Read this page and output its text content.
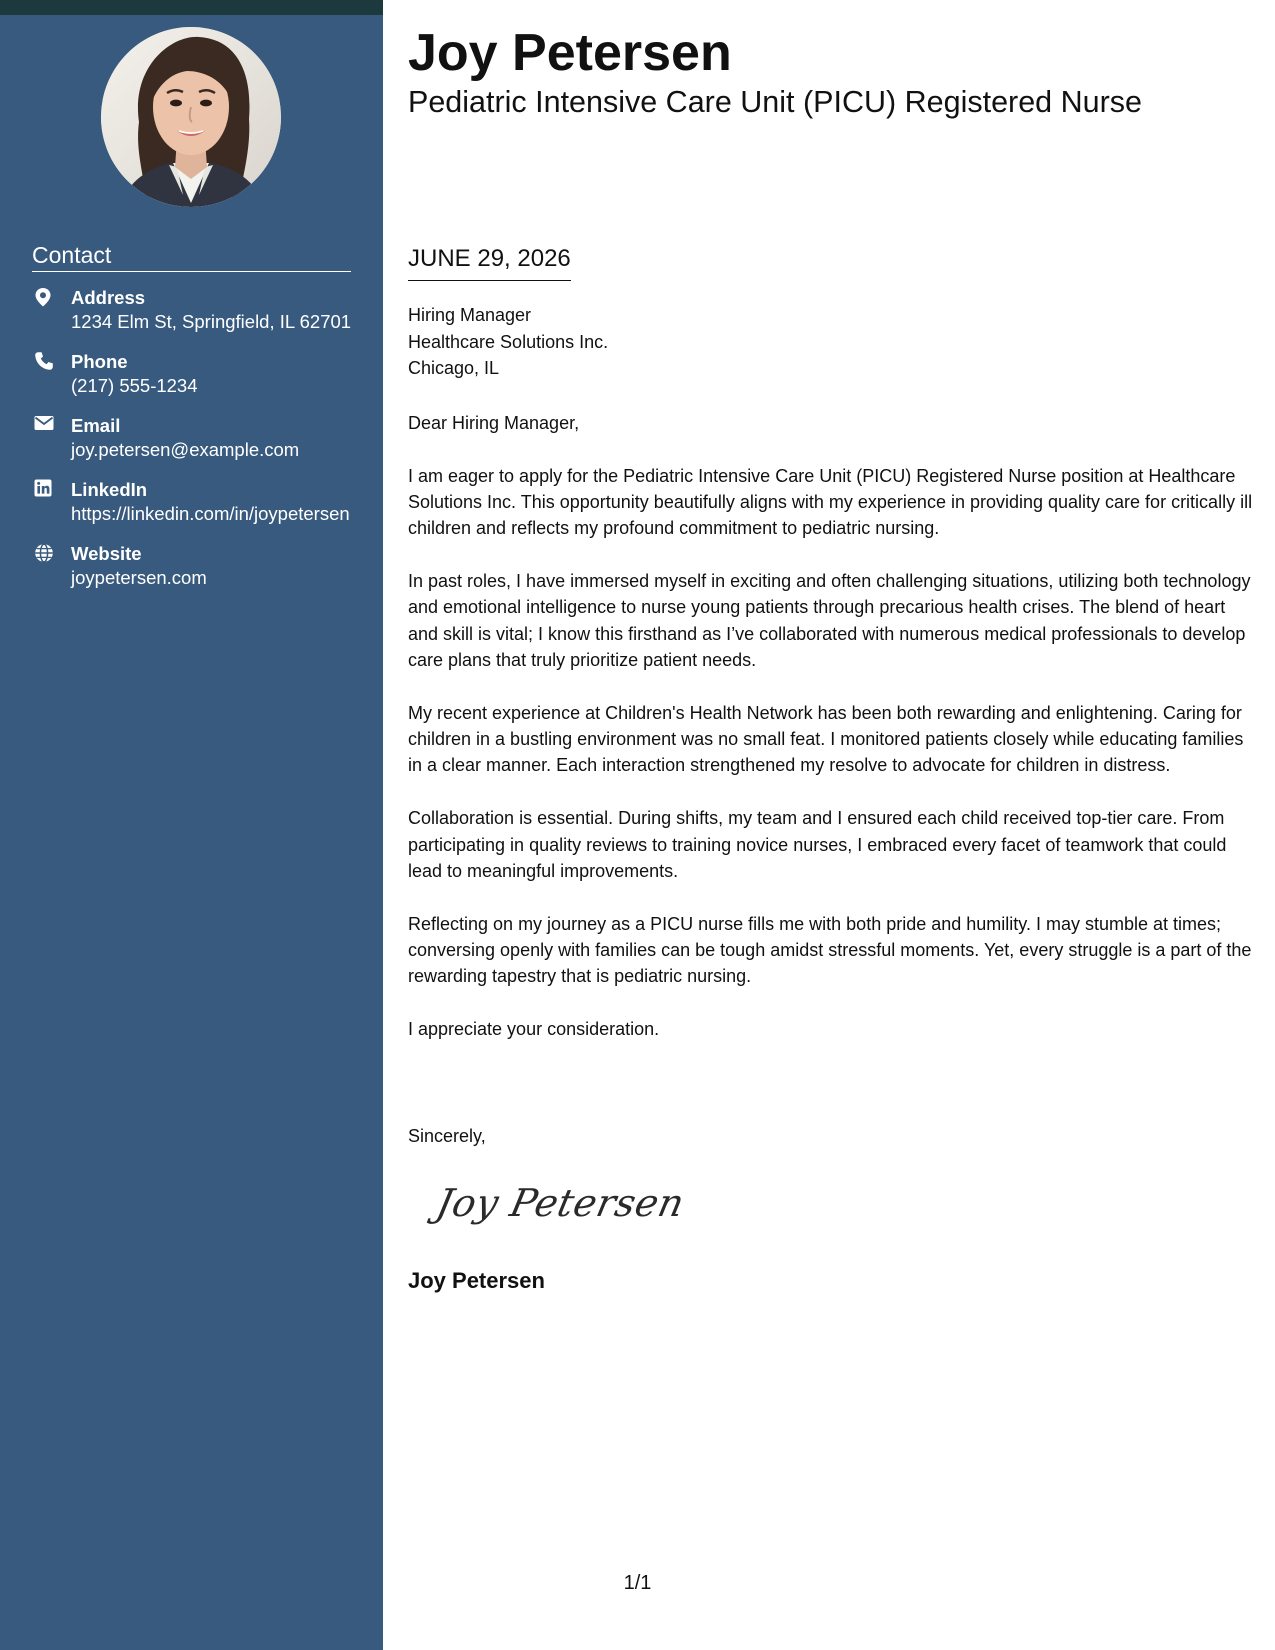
Contact
Address
1234 Elm St, Springfield, IL 62701
Phone
(217) 555-1234
Email
joy.petersen@example.com
LinkedIn
https://linkedin.com/in/joypetersen
Website
joypetersen.com
Joy Petersen
Pediatric Intensive Care Unit (PICU) Registered Nurse
JUNE 29, 2026
Hiring Manager
Healthcare Solutions Inc.
Chicago, IL

Dear Hiring Manager,

I am eager to apply for the Pediatric Intensive Care Unit (PICU) Registered Nurse position at Healthcare Solutions Inc. This opportunity beautifully aligns with my experience in providing quality care for critically ill children and reflects my profound commitment to pediatric nursing.

In past roles, I have immersed myself in exciting and often challenging situations, utilizing both technology and emotional intelligence to nurse young patients through precarious health crises. The blend of heart and skill is vital; I know this firsthand as I’ve collaborated with numerous medical professionals to develop care plans that truly prioritize patient needs.

My recent experience at Children's Health Network has been both rewarding and enlightening. Caring for children in a bustling environment was no small feat. I monitored patients closely while educating families in a clear manner. Each interaction strengthened my resolve to advocate for children in distress.

Collaboration is essential. During shifts, my team and I ensured each child received top-tier care. From participating in quality reviews to training novice nurses, I embraced every facet of teamwork that could lead to meaningful improvements.

Reflecting on my journey as a PICU nurse fills me with both pride and humility. I may stumble at times; conversing openly with families can be tough amidst stressful moments. Yet, every struggle is a part of the rewarding tapestry that is pediatric nursing.

I appreciate your consideration.

Sincerely,
Joy Petersen
Joy Petersen
1/1
